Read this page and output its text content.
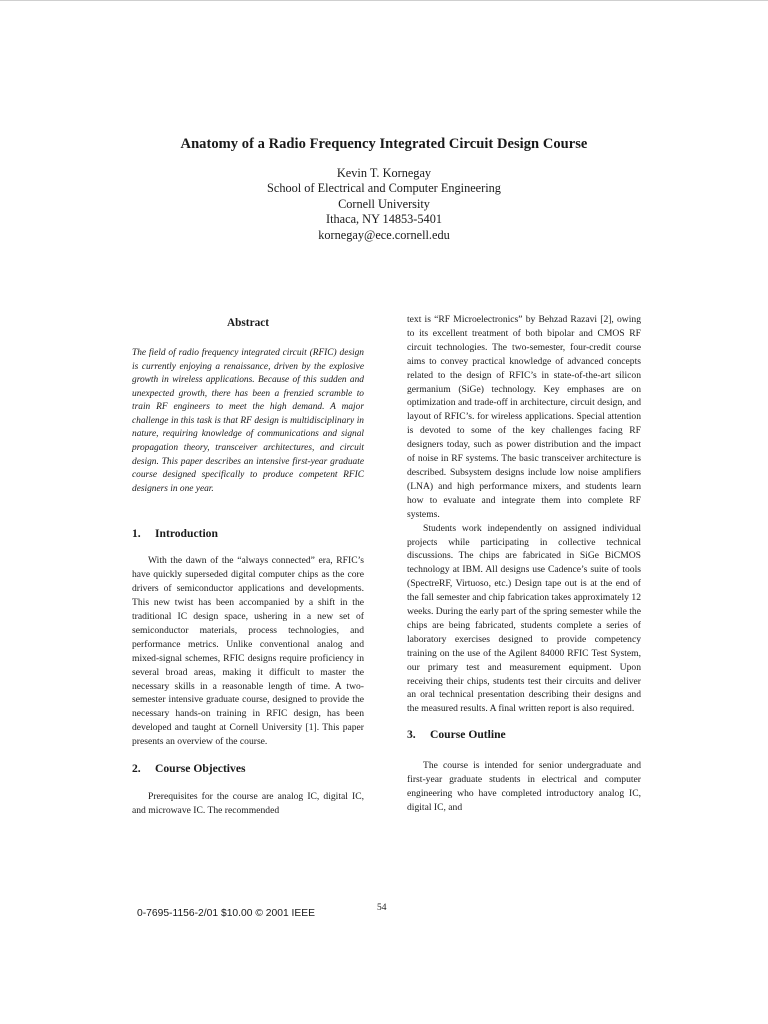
Anatomy of a Radio Frequency Integrated Circuit Design Course
Kevin T. Kornegay
School of Electrical and Computer Engineering
Cornell University
Ithaca, NY 14853-5401
kornegay@ece.cornell.edu
Abstract

The field of radio frequency integrated circuit (RFIC) design is currently enjoying a renaissance, driven by the explosive growth in wireless applications. Because of this sudden and unexpected growth, there has been a frenzied scramble to train RF engineers to meet the high demand. A major challenge in this task is that RF design is multidisciplinary in nature, requiring knowledge of communications and signal propagation theory, transceiver architectures, and circuit design. This paper describes an intensive first-year graduate course designed specifically to produce competent RFIC designers in one year.

1.	Introduction

With the dawn of the “always connected” era, RFIC’s have quickly superseded digital computer chips as the core drivers of semiconductor applications and developments. This new twist has been accompanied by a shift in the traditional IC design space, ushering in a new set of semiconductor materials, process technologies, and performance metrics. Unlike conventional analog and mixed-signal schemes, RFIC designs require proficiency in several broad areas, making it difficult to master the necessary skills in a reasonable length of time. A two-semester intensive graduate course, designed to provide the necessary hands-on training in RFIC design, has been developed and taught at Cornell University [1]. This paper presents an overview of the course.

2.	Course Objectives

Prerequisites for the course are analog IC, digital IC, and microwave IC. The recommended

text is “RF Microelectronics” by Behzad Razavi [2], owing to its excellent treatment of both bipolar and CMOS RF circuit technologies. The two-semester, four-credit course aims to convey practical knowledge of advanced concepts related to the design of RFIC’s in state-of-the-art silicon germanium (SiGe) technology. Key emphases are on optimization and trade-off in architecture, circuit design, and layout of RFIC’s. for wireless applications. Special attention is devoted to some of the key challenges facing RF designers today, such as power distribution and the impact of noise in RF systems. The basic transceiver architecture is described. Subsystem designs include low noise amplifiers (LNA) and high performance mixers, and students learn how to evaluate and integrate them into complete RF systems.

Students work independently on assigned individual projects while participating in collective technical discussions. The chips are fabricated in SiGe BiCMOS technology at IBM. All designs use Cadence’s suite of tools (SpectreRF, Virtuoso, etc.) Design tape out is at the end of the fall semester and chip fabrication takes approximately 12 weeks. During the early part of the spring semester while the chips are being fabricated, students complete a series of laboratory exercises designed to provide competency training on the use of the Agilent 84000 RFIC Test System, our primary test and measurement equipment. Upon receiving their chips, students test their circuits and deliver an oral technical presentation describing their designs and the measured results. A final written report is also required.

3.	Course Outline

The course is intended for senior undergraduate and first-year graduate students in electrical and computer engineering who have completed introductory analog IC, digital IC, and

0-7695-1156-2/01 $10.00 © 2001 IEEE	54
